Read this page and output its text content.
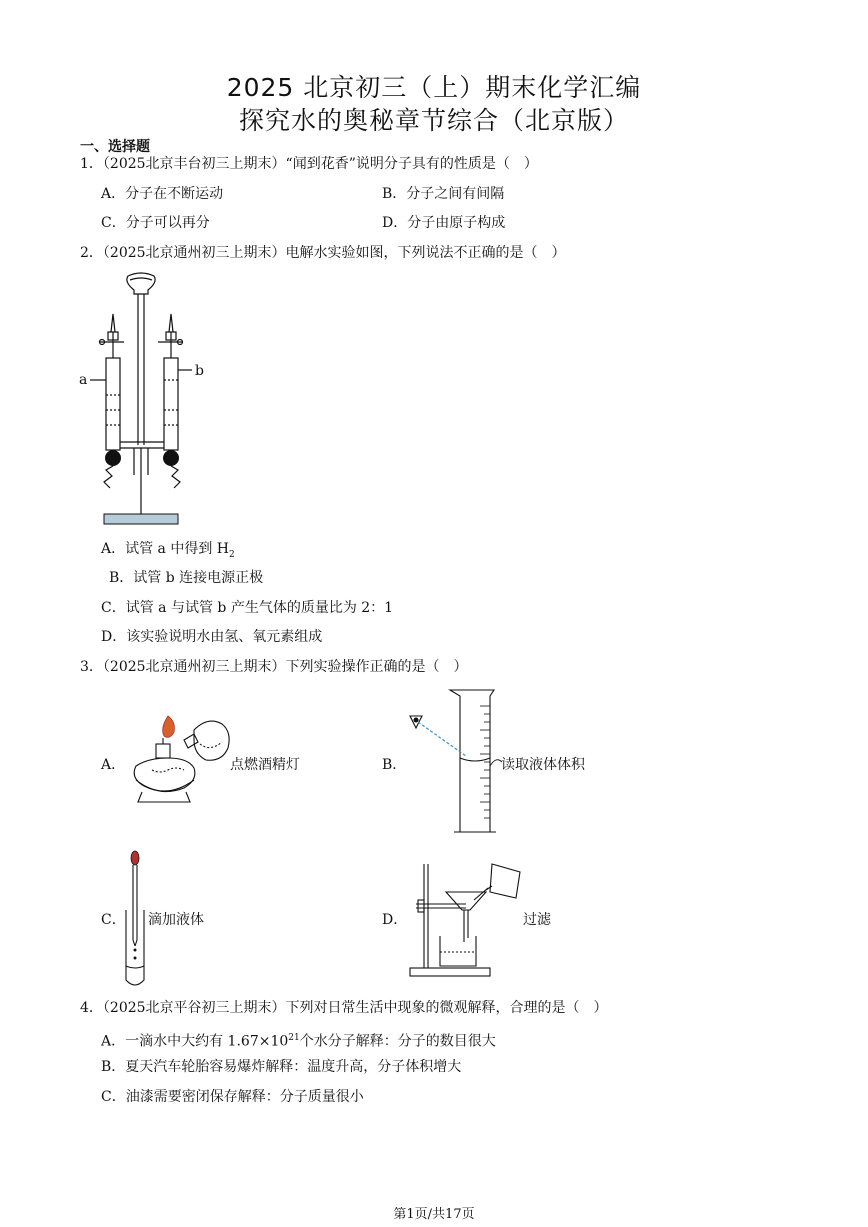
2025 北京初三（上）期末化学汇编
探究水的奥秘章节综合（北京版）
一、选择题
1．（2025北京丰台初三上期末）“闻到花香”说明分子具有的性质是（　）
A．分子在不断运动	B．分子之间有间隔
C．分子可以再分	D．分子由原子构成
2．（2025北京通州初三上期末）电解水实验如图，下列说法不正确的是（　）
a
b
A．试管 a 中得到 $H_2$
B．试管 b 连接电源正极
C．试管 a 与试管 b 产生气体的质量比为 2：1
D．该实验说明水由氢、氧元素组成
3．（2025北京通州初三上期末）下列实验操作正确的是（　）
A．	点燃酒精灯	B．	读取液体体积
C． 滴加液体	D．	过滤
4．（2025北京平谷初三上期末）下列对日常生活中现象的微观解释，合理的是（　）
A．一滴水中大约有 $1.67\times 10^{21}$个水分子解释：分子的数目很大
B．夏天汽车轮胎容易爆炸解释：温度升高，分子体积增大
C．油漆需要密闭保存解释：分子质量很小
第1页/共17页
